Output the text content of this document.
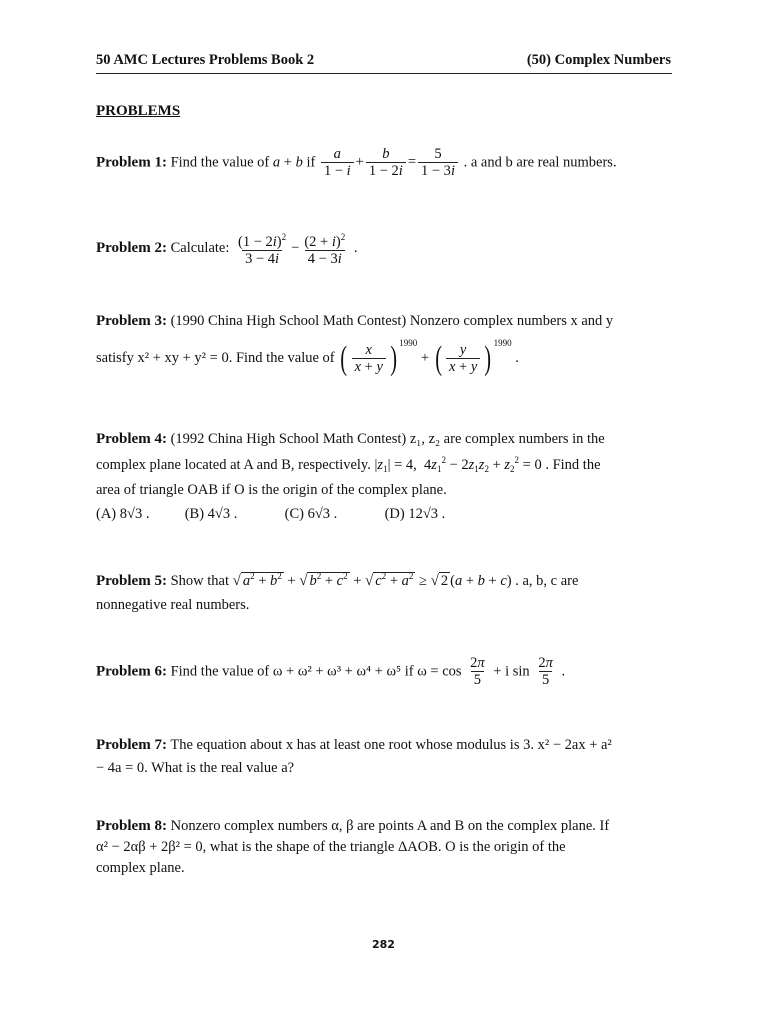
50 AMC Lectures Problems Book 2	(50) Complex Numbers
PROBLEMS
Problem 1: Find the value of a + b if $\frac{a}{1 - i} + \frac{b}{1 - 2i} = \frac{5}{1 - 3i}$ . a and b are real numbers.
Problem 2: Calculate: $\frac{(1 - 2i)^2}{3 - 4i} - \frac{(2 + i)^2}{4 - 3i}$ .
Problem 3: (1990 China High School Math Contest) Nonzero complex numbers x and y
satisfy x² + xy + y² = 0. Find the value of ( $\frac{x}{x + y}$ ) $^{1990}$ + ( $\frac{y}{x + y}$ ) $^{1990}$ .
Problem 4: (1992 China High School Math Contest) z₁, z₂ are complex numbers in the
complex plane located at A and B, respectively. $|z_1| = 4$,  $4z_1^2 - 2z_1z_2 + z_2^2 = 0$ . Find the
area of triangle OAB if O is the origin of the complex plane.
(A) 8√3 . (B) 4√3 .	(C) 6√3 .	(D) 12√3 .
Problem 5: Show that √ $a^2 + b^2$ + √ $b^2 + c^2$ + √ $c^2 + a^2$ ≥ √ 2 (a + b + c) . a, b, c are
nonnegative real numbers.
Problem 6: Find the value of ω + ω² + ω³ + ω⁴ + ω⁵ if $\omega = \cos \frac{2\pi}{5} + i$ $\sin \frac{2\pi}{5}$ .
Problem 7: The equation about x has at least one root whose modulus is 3. x² − 2ax + a²
− 4a = 0. What is the real value a?
Problem 8: Nonzero complex numbers α, β are points A and B on the complex plane. If
α² − 2αβ + 2β² = 0, what is the shape of the triangle ΔAOB. O is the origin of the
complex plane.
282
